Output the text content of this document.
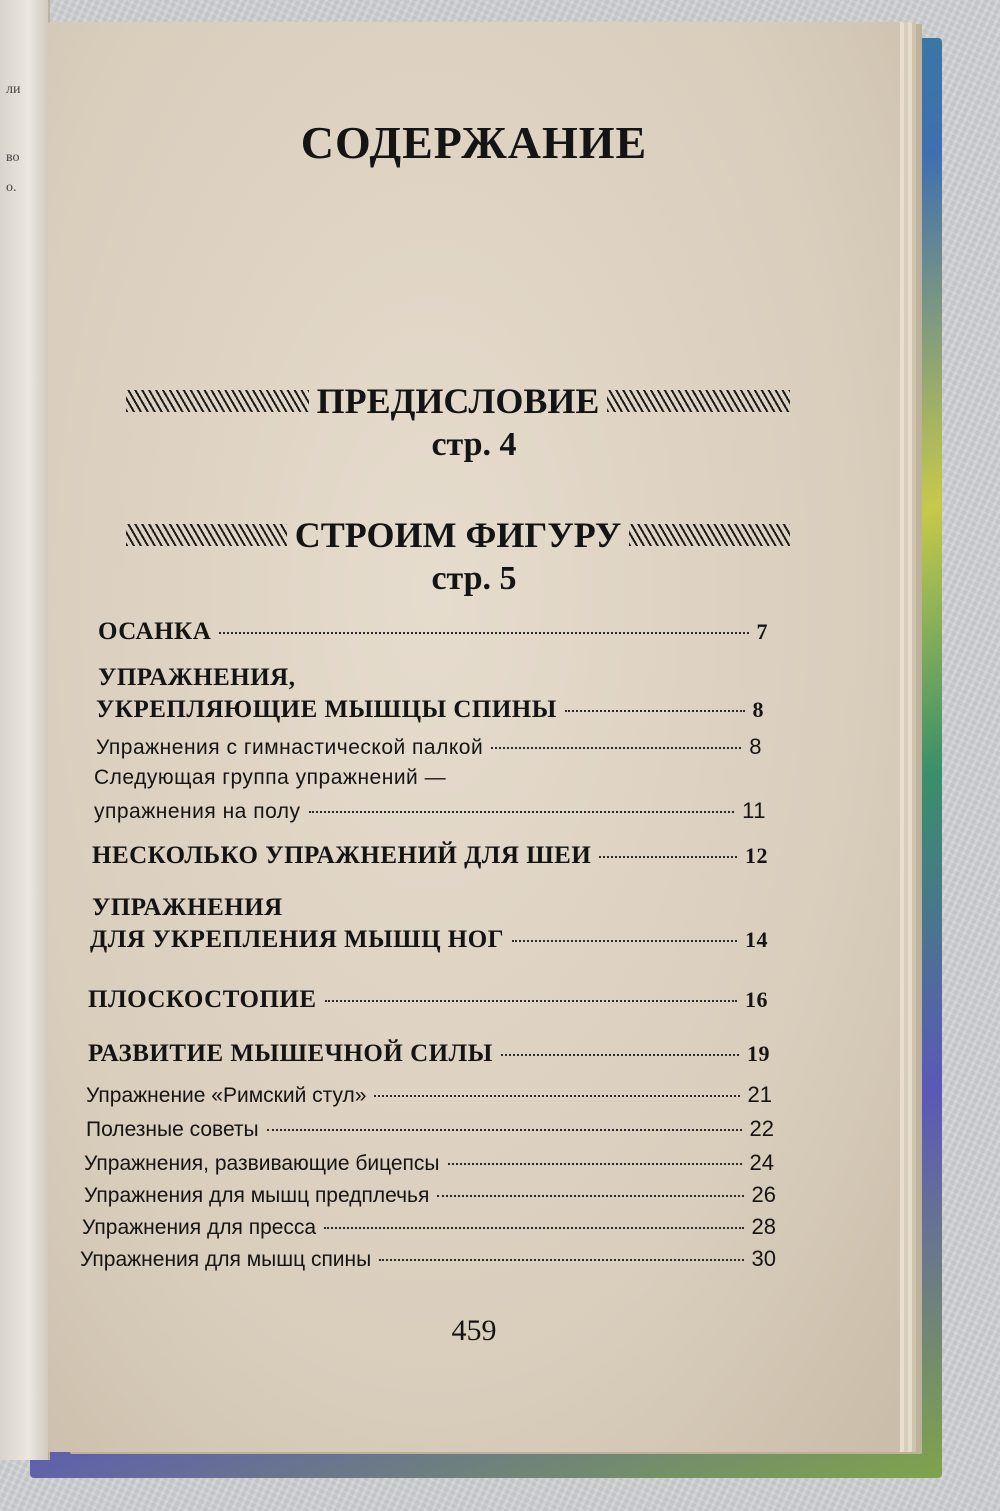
ли
во
о.
СОДЕРЖАНИЕ
ПРЕДИСЛОВИЕ
стр. 4
СТРОИМ ФИГУРУ
стр. 5
ОСАНКА	7
УПРАЖНЕНИЯ,
УКРЕПЛЯЮЩИЕ МЫШЦЫ СПИНЫ	8
Упражнения с гимнастической палкой	8
Следующая группа упражнений —
упражнения на полу	11
НЕСКОЛЬКО УПРАЖНЕНИЙ ДЛЯ ШЕИ	12
УПРАЖНЕНИЯ
ДЛЯ УКРЕПЛЕНИЯ МЫШЦ НОГ	14
ПЛОСКОСТОПИЕ	16
РАЗВИТИЕ МЫШЕЧНОЙ СИЛЫ	19
Упражнение «Римский стул»	21
Полезные советы	22
Упражнения, развивающие бицепсы	24
Упражнения для мышц предплечья	26
Упражнения для пресса	28
Упражнения для мышц спины	30
459
